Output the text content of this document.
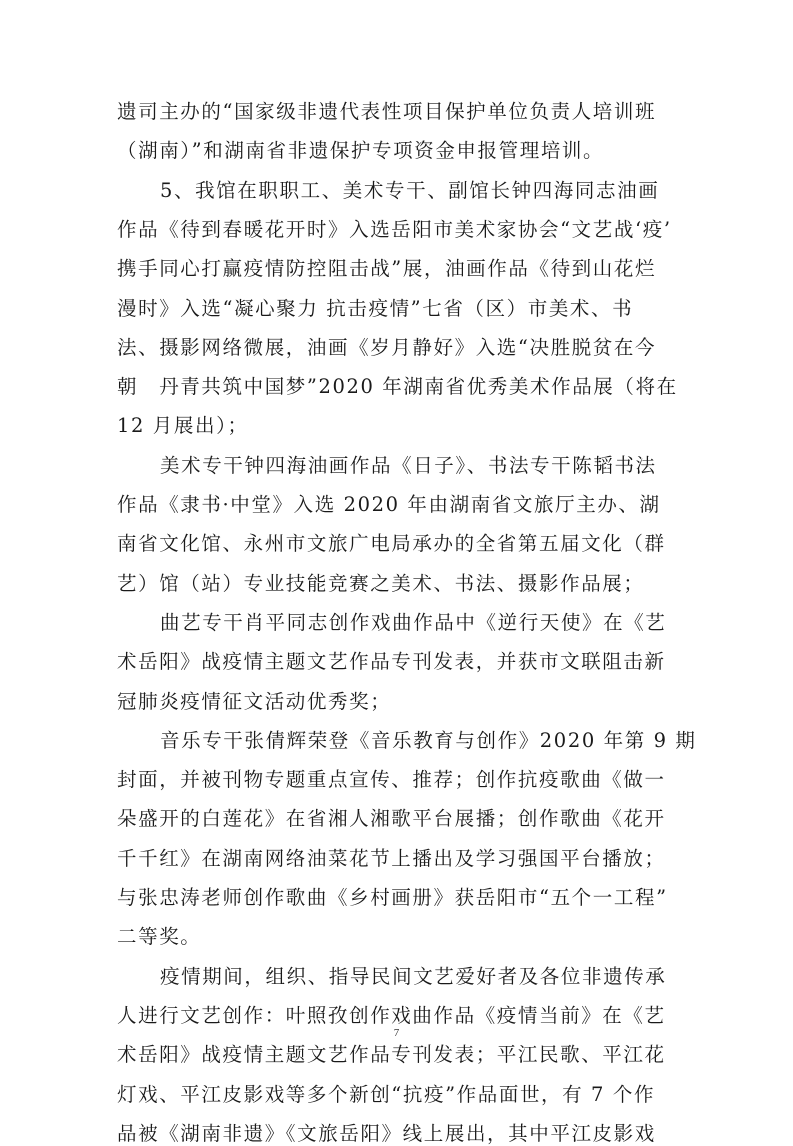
遗司主办的“国家级非遗代表性项目保护单位负责人培训班
（湖南）”和湖南省非遗保护专项资金申报管理培训。
5、我馆在职职工、美术专干、副馆长钟四海同志油画
作品《待到春暖花开时》入选岳阳市美术家协会“文艺战‘疫’
携手同心打赢疫情防控阻击战”展，油画作品《待到山花烂
漫时》入选“凝心聚力 抗击疫情”七省（区）市美术、书
法、摄影网络微展，油画《岁月静好》入选“决胜脱贫在今
朝　丹青共筑中国梦”2020 年湖南省优秀美术作品展（将在
12 月展出）；
美术专干钟四海油画作品《日子》、书法专干陈韬书法
作品《隶书·中堂》入选 2020 年由湖南省文旅厅主办、湖
南省文化馆、永州市文旅广电局承办的全省第五届文化（群
艺）馆（站）专业技能竞赛之美术、书法、摄影作品展；
曲艺专干肖平同志创作戏曲作品中《逆行天使》在《艺
术岳阳》战疫情主题文艺作品专刊发表，并获市文联阻击新
冠肺炎疫情征文活动优秀奖；
音乐专干张倩辉荣登《音乐教育与创作》2020 年第 9 期
封面，并被刊物专题重点宣传、推荐；创作抗疫歌曲《做一
朵盛开的白莲花》在省湘人湘歌平台展播；创作歌曲《花开
千千红》在湖南网络油菜花节上播出及学习强国平台播放；
与张忠涛老师创作歌曲《乡村画册》获岳阳市“五个一工程”
二等奖。
疫情期间，组织、指导民间文艺爱好者及各位非遗传承
人进行文艺创作：叶照孜创作戏曲作品《疫情当前》在《艺
术岳阳》战疫情主题文艺作品专刊发表；平江民歌、平江花
灯戏、平江皮影戏等多个新创“抗疫”作品面世，有 7 个作
品被《湖南非遗》《文旅岳阳》线上展出，其中平江皮影戏
7
